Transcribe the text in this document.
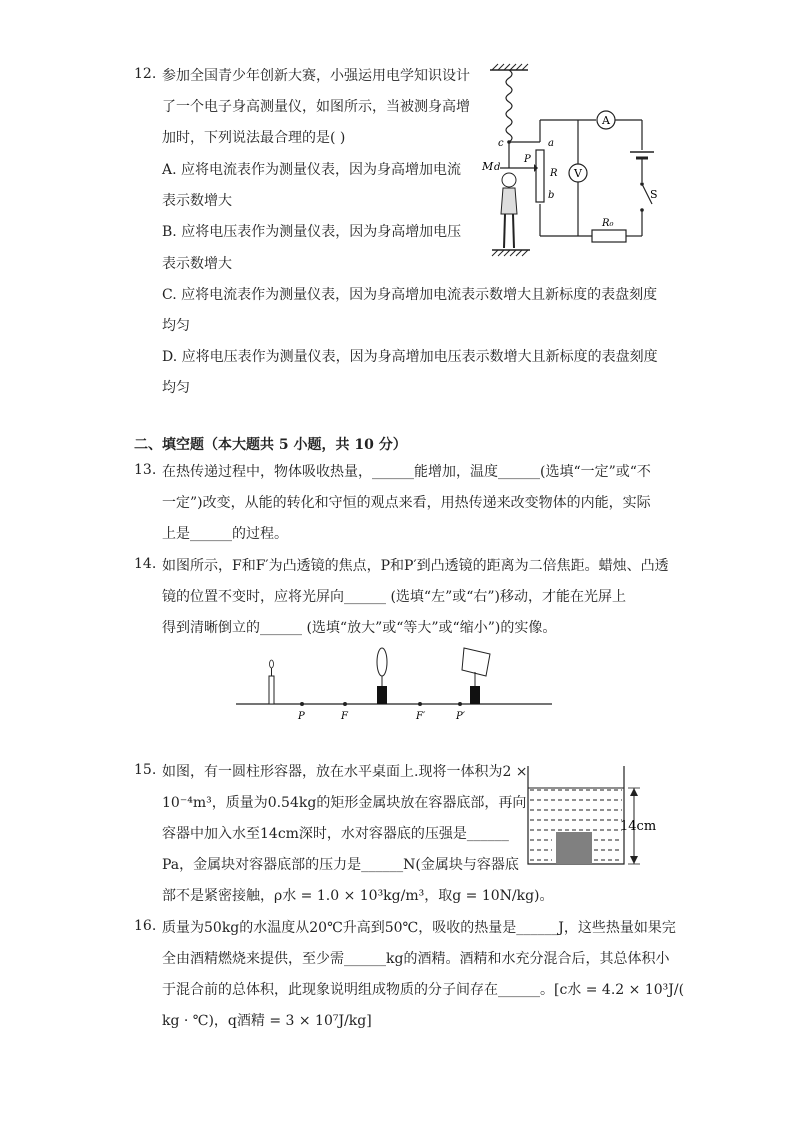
12. 参加全国青少年创新大赛，小强运用电学知识设计
了一个电子身高测量仪，如图所示，当被测身高增
加时，下列说法最合理的是( )
A. 应将电流表作为测量仪表，因为身高增加电流
表示数增大
B. 应将电压表作为测量仪表，因为身高增加电压
表示数增大
C. 应将电流表作为测量仪表，因为身高增加电流表示数增大且新标度的表盘刻度
均匀
D. 应将电压表作为测量仪表，因为身高增加电压表示数增大且新标度的表盘刻度
均匀
c
A
S
R₀
V
a
R
b
P
M d
二、填空题（本大题共 5 小题，共 10 分）
13. 在热传递过程中，物体吸收热量，______能增加，温度______(选填“一定”或“不
一定”)改变，从能的转化和守恒的观点来看，用热传递来改变物体的内能，实际
上是______的过程。
14. 如图所示，F和F′为凸透镜的焦点，P和P′到凸透镜的距离为二倍焦距。蜡烛、凸透
镜的位置不变时，应将光屏向______ (选填“左”或“右”)移动，才能在光屏上
得到清晰倒立的______ (选填“放大”或“等大”或“缩小”)的实像。
P	F	F′	P′
15. 如图，有一圆柱形容器，放在水平桌面上.现将一体积为2 ×
10⁻⁴m³，质量为0.54kg的矩形金属块放在容器底部，再向
容器中加入水至14cm深时，水对容器底的压强是______
Pa，金属块对容器底部的压力是______N(金属块与容器底
部不是紧密接触，ρ水 = 1.0 × 10³kg/m³，取g = 10N/kg)。
14cm
16. 质量为50kg的水温度从20℃升高到50℃，吸收的热量是______J，这些热量如果完
全由酒精燃烧来提供，至少需______kg的酒精。酒精和水充分混合后，其总体积小
于混合前的总体积，此现象说明组成物质的分子间存在______。[c水 = 4.2 × 10³J/(
kg · ℃)，q酒精 = 3 × 10⁷J/kg]
